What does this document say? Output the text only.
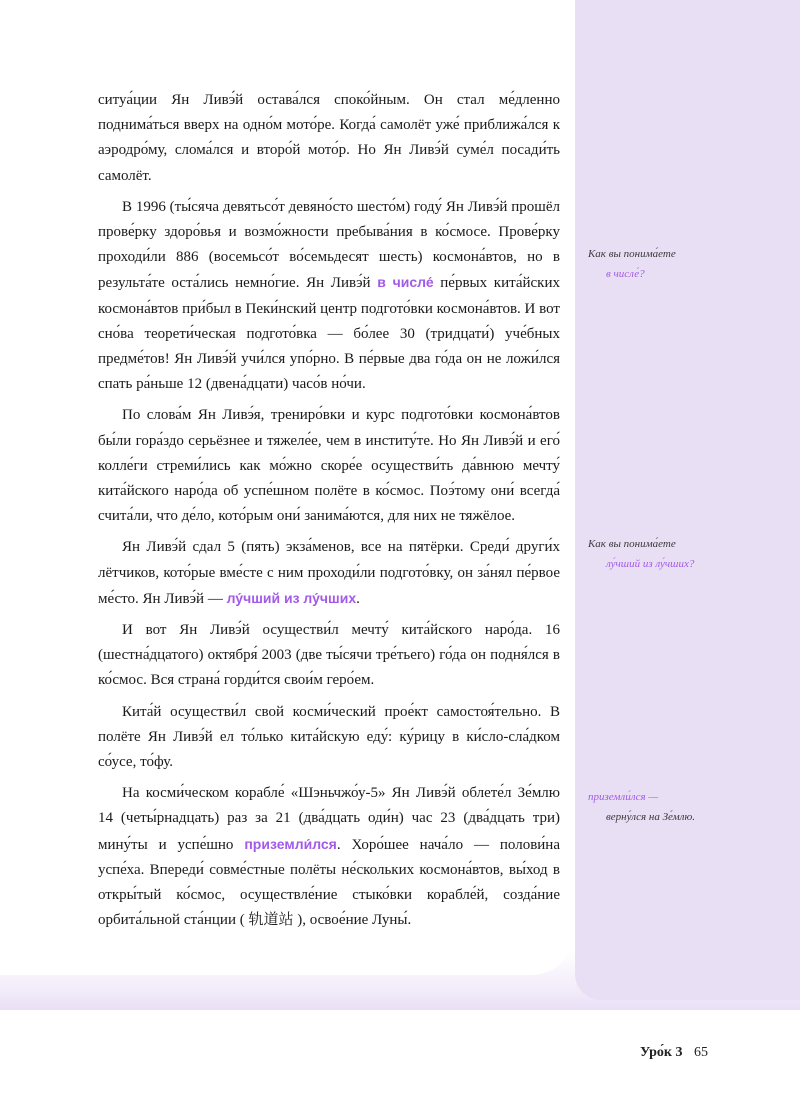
ситуа́ции Ян Ливэ́й остава́лся споко́йным. Он стал ме́дленно поднима́ться вверх на одно́м мото́ре. Когда́ самолёт уже́ приближа́лся к аэродро́му, слома́лся и второ́й мото́р. Но Ян Ливэ́й суме́л посади́ть самолёт.

В 1996 (ты́сяча девятьсо́т девяно́сто шесто́м) году́ Ян Ливэ́й прошёл прове́рку здоро́вья и возмо́жности пребыва́ния в ко́смосе. Прове́рку проходи́ли 886 (восемьсо́т во́семьдесят шесть) космона́втов, но в результа́те оста́лись немно́гие. Ян Ливэ́й в числе́ пе́рвых кита́йских космона́втов при́был в Пеки́нский центр подгото́вки космона́втов. И вот сно́ва теорети́ческая подгото́вка — бо́лее 30 (тридцати́) уче́бных предме́тов! Ян Ливэ́й учи́лся упо́рно. В пе́рвые два го́да он не ложи́лся спать ра́ньше 12 (двена́дцати) часо́в но́чи.

По слова́м Ян Ливэ́я, трениро́вки и курс подгото́вки космона́втов бы́ли гора́здо серьёзнее и тяжеле́е, чем в институ́те. Но Ян Ливэ́й и его́ колле́ги стреми́лись как мо́жно скоре́е осуществи́ть да́внюю мечту́ кита́йского наро́да об успе́шном полёте в ко́смос. Поэ́тому они́ всегда́ счита́ли, что де́ло, кото́рым они́ занима́ются, для них не тяжёлое.

Ян Ливэ́й сдал 5 (пять) экза́менов, все на пятёрки. Среди́ други́х лётчиков, кото́рые вме́сте с ним проходи́ли подгото́вку, он за́нял пе́рвое ме́сто. Ян Ливэ́й — лу́чший из лу́чших.

И вот Ян Ливэ́й осуществи́л мечту́ кита́йского наро́да. 16 (шестна́дцатого) октября́ 2003 (две ты́сячи тре́тьего) го́да он подня́лся в ко́смос. Вся страна́ горди́тся свои́м геро́ем.

Кита́й осуществи́л свой косми́ческий прое́кт самостоя́тельно. В полёте Ян Ливэ́й ел то́лько кита́йскую еду́: ку́рицу в ки́сло-сла́дком со́усе, то́фу.

На косми́ческом корабле́ «Шэньчжо́у-5» Ян Ливэ́й облете́л Зе́млю 14 (четы́рнадцать) раз за 21 (два́дцать оди́н) час 23 (два́дцать три) мину́ты и успе́шно приземли́лся. Хоро́шее нача́ло — полови́на успе́ха. Впереди́ совме́стные полёты не́скольких космона́втов, вы́ход в откры́тый ко́смос, осуществле́ние стыко́вки корабле́й, созда́ние орбита́льной ста́нции ( 轨道站 ), освое́ние Луны́.

Как вы понима́ете
в числе́?
Как вы понима́ете
лу́чший из лу́чших?
приземли́лся —
верну́лся на Зе́млю.
Уро́к 3 65
